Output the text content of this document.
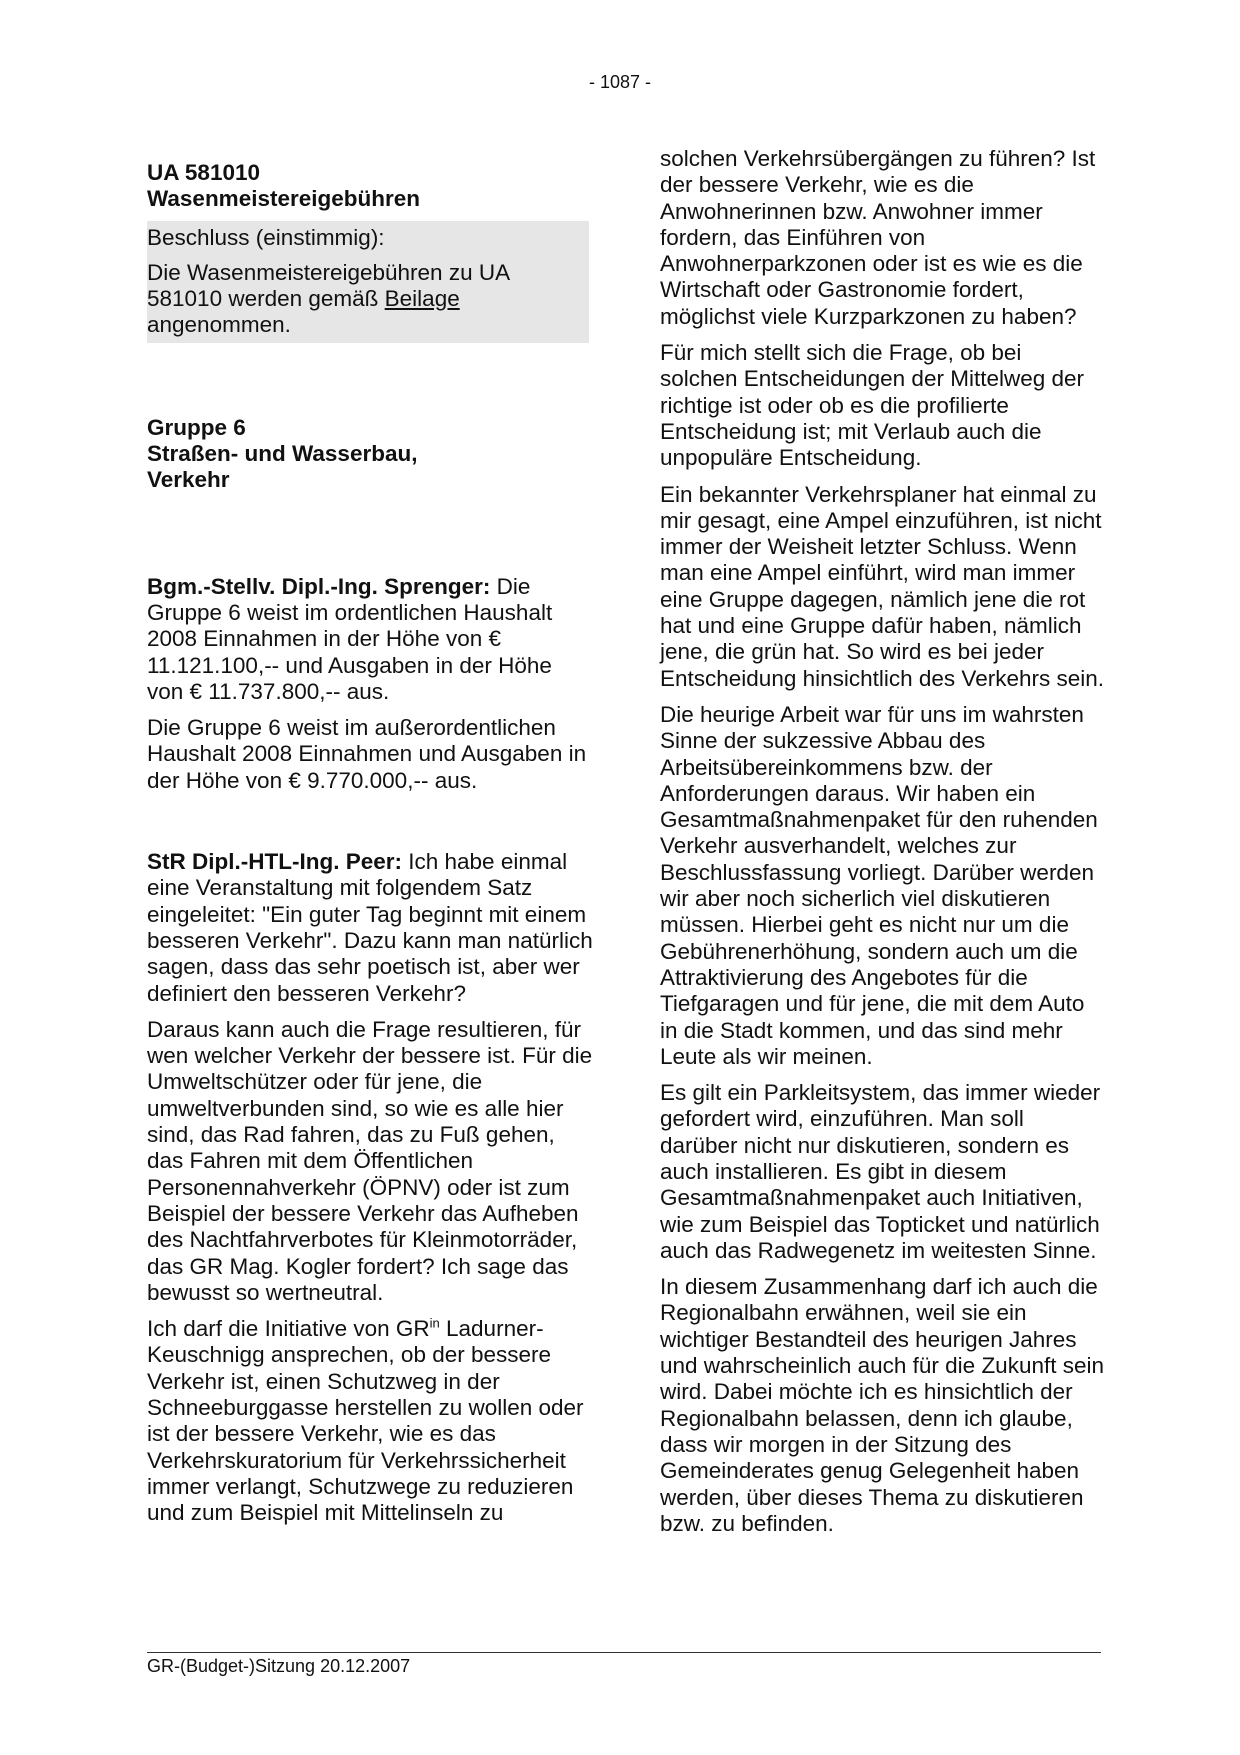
- 1087 -

UA 581010

Wasenmeistereigebühren

Beschluss (einstimmig):

Die Wasenmeistereigebühren zu UA 581010 werden gemäß Beilage angenommen.

Gruppe 6

Straßen- und Wasserbau, Verkehr

Bgm.-Stellv. Dipl.-Ing. Sprenger: Die Gruppe 6 weist im ordentlichen Haushalt 2008 Einnahmen in der Höhe von € 11.121.100,-- und Ausgaben in der Höhe von € 11.737.800,-- aus.

Die Gruppe 6 weist im außerordentlichen Haushalt 2008 Einnahmen und Ausgaben in der Höhe von € 9.770.000,-- aus.

StR Dipl.-HTL-Ing. Peer: Ich habe einmal eine Veranstaltung mit folgendem Satz eingeleitet: "Ein guter Tag beginnt mit einem besseren Verkehr". Dazu kann man natürlich sagen, dass das sehr poetisch ist, aber wer definiert den besseren Verkehr?

Daraus kann auch die Frage resultieren, für wen welcher Verkehr der bessere ist. Für die Umweltschützer oder für jene, die umweltverbunden sind, so wie es alle hier sind, das Rad fahren, das zu Fuß gehen, das Fahren mit dem Öffentlichen Personennahverkehr (ÖPNV) oder ist zum Beispiel der bessere Verkehr das Aufheben des Nachtfahrverbotes für Kleinmotorräder, das GR Mag. Kogler fordert? Ich sage das bewusst so wertneutral.

Ich darf die Initiative von $GR^{in}$ Ladurner-Keuschnigg ansprechen, ob der bessere Verkehr ist, einen Schutzweg in der Schneeburggasse herstellen zu wollen oder ist der bessere Verkehr, wie es das Verkehrskuratorium für Verkehrssicherheit immer verlangt, Schutzwege zu reduzieren und zum Beispiel mit Mittelinseln zu

solchen Verkehrsübergängen zu führen? Ist der bessere Verkehr, wie es die Anwohnerinnen bzw. Anwohner immer fordern, das Einführen von Anwohnerparkzonen oder ist es wie es die Wirtschaft oder Gastronomie fordert, möglichst viele Kurzparkzonen zu haben?

Für mich stellt sich die Frage, ob bei solchen Entscheidungen der Mittelweg der richtige ist oder ob es die profilierte Entscheidung ist; mit Verlaub auch die unpopuläre Entscheidung.

Ein bekannter Verkehrsplaner hat einmal zu mir gesagt, eine Ampel einzuführen, ist nicht immer der Weisheit letzter Schluss. Wenn man eine Ampel einführt, wird man immer eine Gruppe dagegen, nämlich jene die rot hat und eine Gruppe dafür haben, nämlich jene, die grün hat. So wird es bei jeder Entscheidung hinsichtlich des Verkehrs sein.

Die heurige Arbeit war für uns im wahrsten Sinne der sukzessive Abbau des Arbeitsübereinkommens bzw. der Anforderungen daraus. Wir haben ein Gesamtmaßnahmenpaket für den ruhenden Verkehr ausverhandelt, welches zur Beschlussfassung vorliegt. Darüber werden wir aber noch sicherlich viel diskutieren müssen. Hierbei geht es nicht nur um die Gebührenerhöhung, sondern auch um die Attraktivierung des Angebotes für die Tiefgaragen und für jene, die mit dem Auto in die Stadt kommen, und das sind mehr Leute als wir meinen.

Es gilt ein Parkleitsystem, das immer wieder gefordert wird, einzuführen. Man soll darüber nicht nur diskutieren, sondern es auch installieren. Es gibt in diesem Gesamtmaßnahmenpaket auch Initiativen, wie zum Beispiel das Topticket und natürlich auch das Radwegenetz im weitesten Sinne.

In diesem Zusammenhang darf ich auch die Regionalbahn erwähnen, weil sie ein wichtiger Bestandteil des heurigen Jahres und wahrscheinlich auch für die Zukunft sein wird. Dabei möchte ich es hinsichtlich der Regionalbahn belassen, denn ich glaube, dass wir morgen in der Sitzung des Gemeinderates genug Gelegenheit haben werden, über dieses Thema zu diskutieren bzw. zu befinden.

GR-(Budget-)Sitzung 20.12.2007
